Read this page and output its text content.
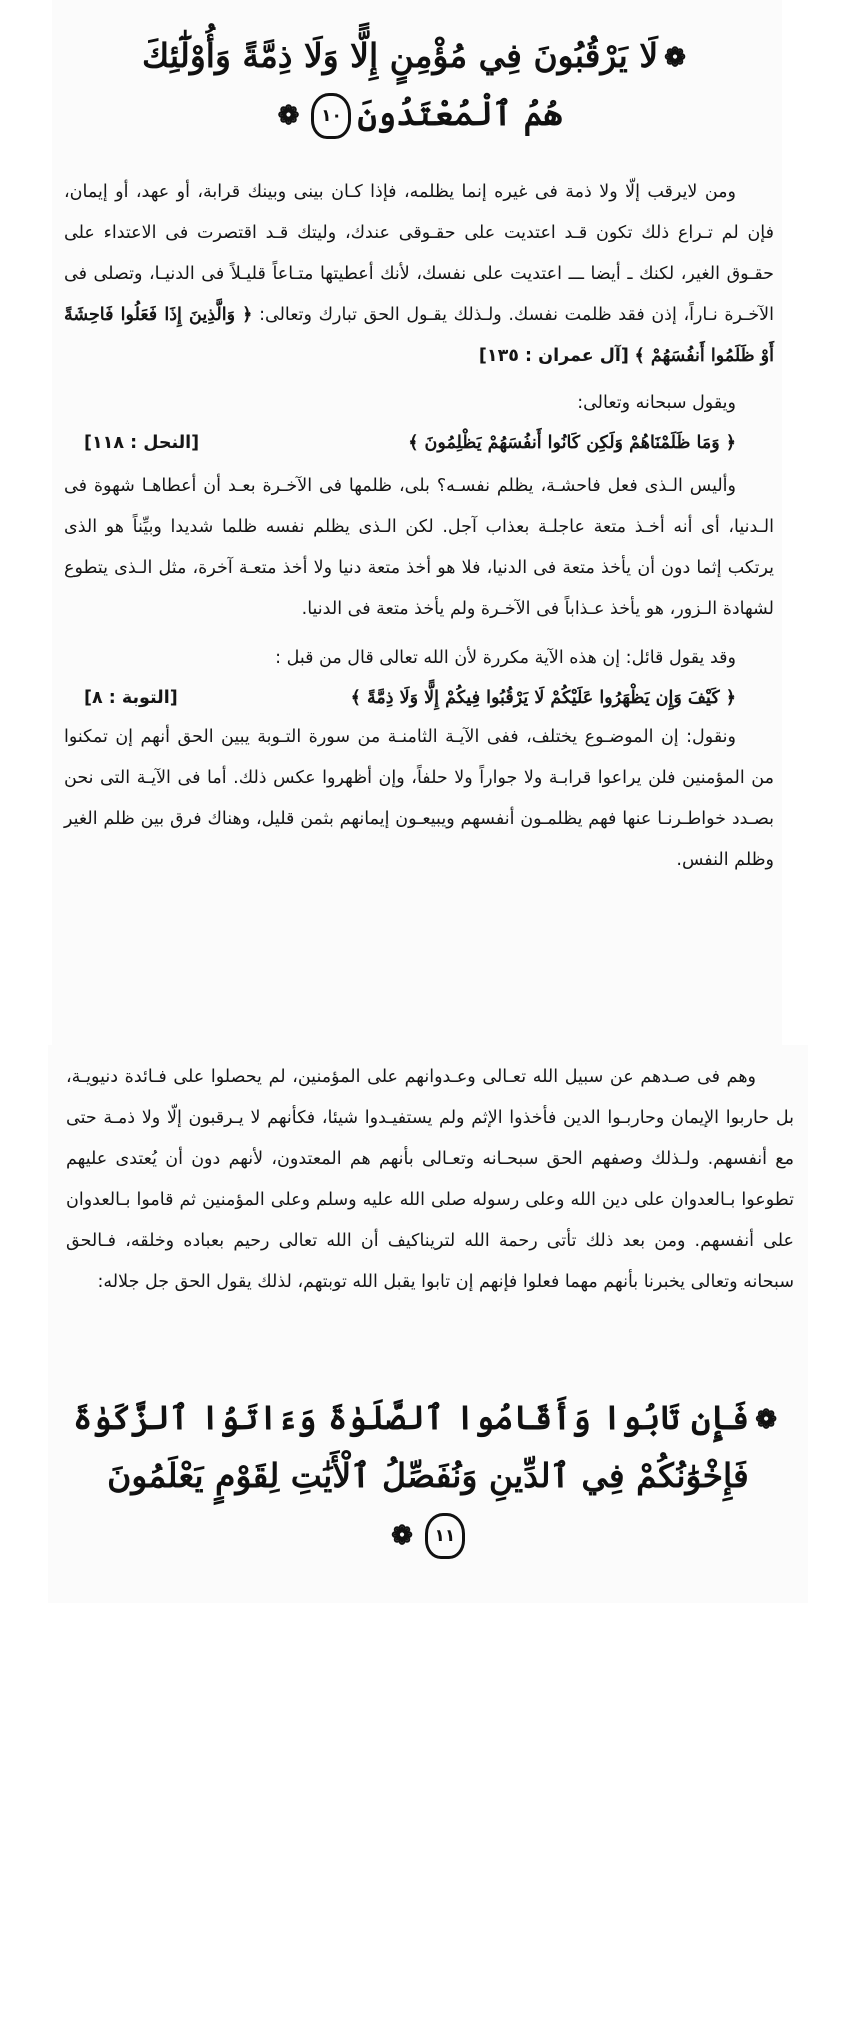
❁لَا يَرْقُبُونَ فِي مُؤْمِنٍ إِلًّا وَلَا ذِمَّةً وَأُوْلَٰٓئِكَ
هُمُ ٱلْمُعْتَدُونَ١٠❁

ومن لايرقب إلّا ولا ذمة فى غيره إنما يظلمه، فإذا كـان بينى وبينك قرابة، أو عهد، أو إيمان، فإن لم تـراع ذلك تكون قـد اعتديت على حقـوقى عندك، وليتك قـد اقتصرت فى الاعتداء على حقـوق الغير، لكنك ـ أيضا ـــ اعتديت على نفسك، لأنك أعطيتها متـاعاً قليـلاً فى الدنيـا، وتصلى فى الآخـرة نـاراً، إذن فقد ظلمت نفسك. ولـذلك يقـول الحق تبارك وتعالى: ﴿ وَالَّذِينَ إِذَا فَعَلُوا فَاحِشَةً أَوْ ظَلَمُوا أَنفُسَهُمْ ﴾ [آل عمران : ١٣٥]

ويقول سبحانه وتعالى:

﴿ وَمَا ظَلَمْنَاهُمْ وَلَكِن كَانُوا أَنفُسَهُمْ يَظْلِمُونَ ﴾
[النحل : ١١٨]

وأليس الـذى فعل فاحشـة، يظلم نفسـه؟ بلى، ظلمها فى الآخـرة بعـد أن أعطاهـا شهوة فى الـدنيا، أى أنه أخـذ متعة عاجلـة بعذاب آجل. لكن الـذى يظلم نفسه ظلما شديدا وبيِّناً هو الذى يرتكب إثما دون أن يأخذ متعة فى الدنيا، فلا هو أخذ متعة دنيا ولا أخذ متعـة آخرة، مثل الـذى يتطوع لشهادة الـزور، هو يأخذ عـذاباً فى الآخـرة ولم يأخذ متعة فى الدنيا.

وقد يقول قائل: إن هذه الآية مكررة لأن الله تعالى قال من قبل :

﴿ كَيْفَ وَإِن يَظْهَرُوا عَلَيْكُمْ لَا يَرْقُبُوا فِيكُمْ إِلًّا وَلَا ذِمَّةً ﴾
[التوبة : ٨]

ونقول: إن الموضـوع يختلف، ففى الآيـة الثامنـة من سورة التـوبة يبين الحق أنهم إن تمكنوا من المؤمنين فلن يراعوا قرابـة ولا جواراً ولا حلفاً، وإن أظهروا عكس ذلك. أما فى الآيـة التى نحن بصـدد خواطـرنـا عنها فهم يظلمـون أنفسهم ويبيعـون إيمانهم بثمن قليل، وهناك فرق بين ظلم الغير وظلم النفس.

وهم فى صـدهم عن سبيل الله تعـالى وعـدوانهم على المؤمنين، لم يحصلوا على فـائدة دنيويـة، بل حاربوا الإيمان وحاربـوا الدين فأخذوا الإثم ولم يستفيـدوا شيئا، فكأنهم لا يـرقبون إلّا ولا ذمـة حتى مع أنفسهم. ولـذلك وصفهم الحق سبحـانه وتعـالى بأنهم هم المعتدون، لأنهم دون أن يُعتدى عليهم تطوعوا بـالعدوان على دين الله وعلى رسوله صلى الله عليه وسلم وعلى المؤمنين ثم قاموا بـالعدوان على أنفسهم. ومن بعد ذلك تأتى رحمة الله لتريناكيف أن الله تعالى رحيم بعباده وخلقه، فـالحق سبحانه وتعالى يخبرنا بأنهم مهما فعلوا فإنهم إن تابوا يقبل الله توبتهم، لذلك يقول الحق جل جلاله:

❁فَإِن تَابُوا وَأَقَامُوا ٱلصَّلَوٰةَ وَءَاتَوُا ٱلزَّكَوٰةَ
فَإِخْوَٰنُكُمْ فِي ٱلدِّينِ وَنُفَصِّلُ ٱلْأَيَٰتِ لِقَوْمٍ يَعْلَمُونَ
١١❁
